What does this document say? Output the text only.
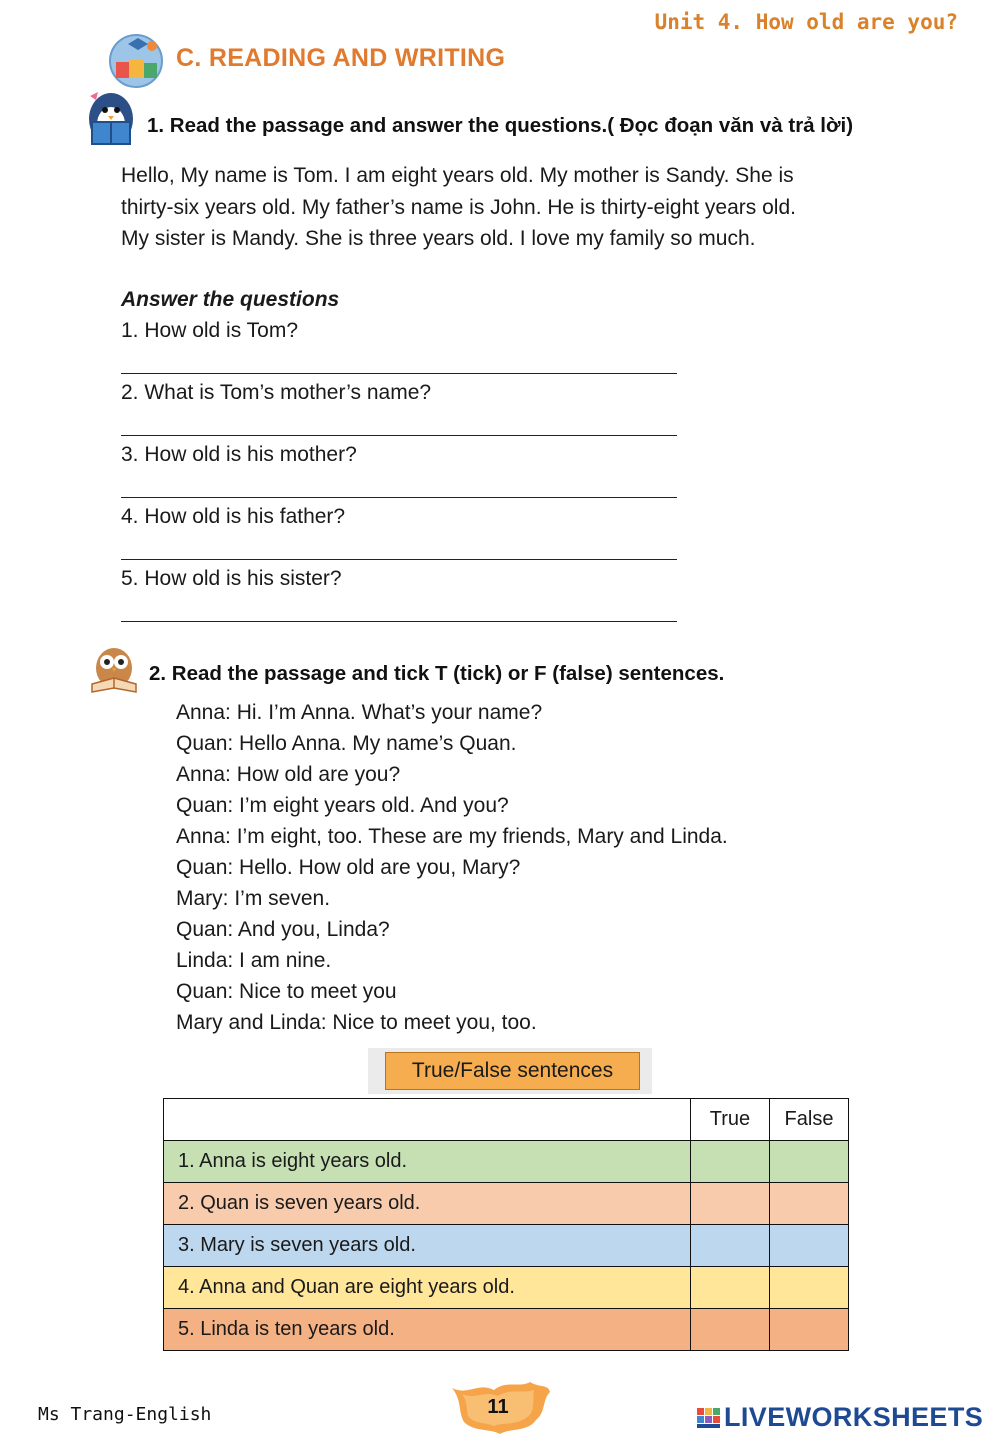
Unit 4. How old are you?
C. READING AND WRITING
1. Read the passage and answer the questions.( Đọc đoạn văn và trả lời)
Hello, My name is Tom. I am eight years old. My mother is Sandy. She is
thirty-six years old. My father’s name is John. He is thirty-eight years old.
My sister is Mandy. She is three years old. I love my family so much.
Answer the questions
1. How old is Tom?
2. What is Tom’s mother’s name?
3. How old is his mother?
4. How old is his father?
5. How old is his sister?
2. Read the passage and tick T (tick) or F (false) sentences.
Anna: Hi. I’m Anna. What’s your name?
Quan: Hello Anna. My name’s Quan.
Anna: How old are you?
Quan: I’m eight years old. And you?
Anna: I’m eight, too. These are my friends, Mary and Linda.
Quan: Hello. How old are you, Mary?
Mary: I’m seven.
Quan: And you, Linda?
Linda: I am nine.
Quan: Nice to meet you
Mary and Linda: Nice to meet you, too.
True/False sentences
	True	False
1. Anna is eight years old.		
2. Quan is seven years old.		
3. Mary is seven years old.		
4. Anna and Quan are eight years old.		
5. Linda is ten years old.		
Ms Trang-English	11	LIVEWORKSHEETS
